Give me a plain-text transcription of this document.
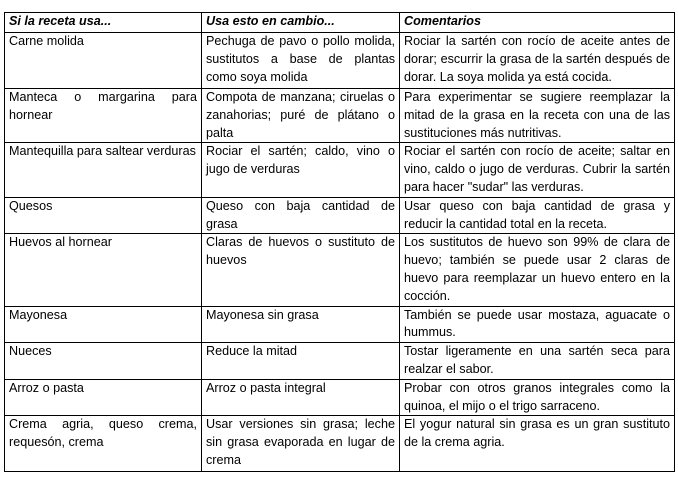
Si la receta usa...	Usa esto en cambio...	Comentarios
Carne molida	Pechuga de pavo o pollo molida, sustitutos a base de plantas como soya molida	Rociar la sartén con rocío de aceite antes de dorar; escurrir la grasa de la sartén después de dorar. La soya molida ya está cocida.
Manteca o margarina para hornear	Compota de manzana; ciruelas o zanahorias; puré de plátano o palta	Para experimentar se sugiere reemplazar la mitad de la grasa en la receta con una de las sustituciones más nutritivas.
Mantequilla para saltear verduras	Rociar el sartén; caldo, vino o jugo de verduras	Rociar el sartén con rocío de aceite; saltar en vino, caldo o jugo de verduras. Cubrir la sartén para hacer "sudar" las verduras.
Quesos	Queso con baja cantidad de grasa	Usar queso con baja cantidad de grasa y reducir la cantidad total en la receta.
Huevos al hornear	Claras de huevos o sustituto de huevos	Los sustitutos de huevo son 99% de clara de huevo; también se puede usar 2 claras de huevo para reemplazar un huevo entero en la cocción.
Mayonesa	Mayonesa sin grasa	También se puede usar mostaza, aguacate o hummus.
Nueces	Reduce la mitad	Tostar ligeramente en una sartén seca para realzar el sabor.
Arroz o pasta	Arroz o pasta integral	Probar con otros granos integrales como la quinoa, el mijo o el trigo sarraceno.
Crema agria, queso crema, requesón, crema	Usar versiones sin grasa; leche sin grasa evaporada en lugar de crema	El yogur natural sin grasa es un gran sustituto de la crema agria.
